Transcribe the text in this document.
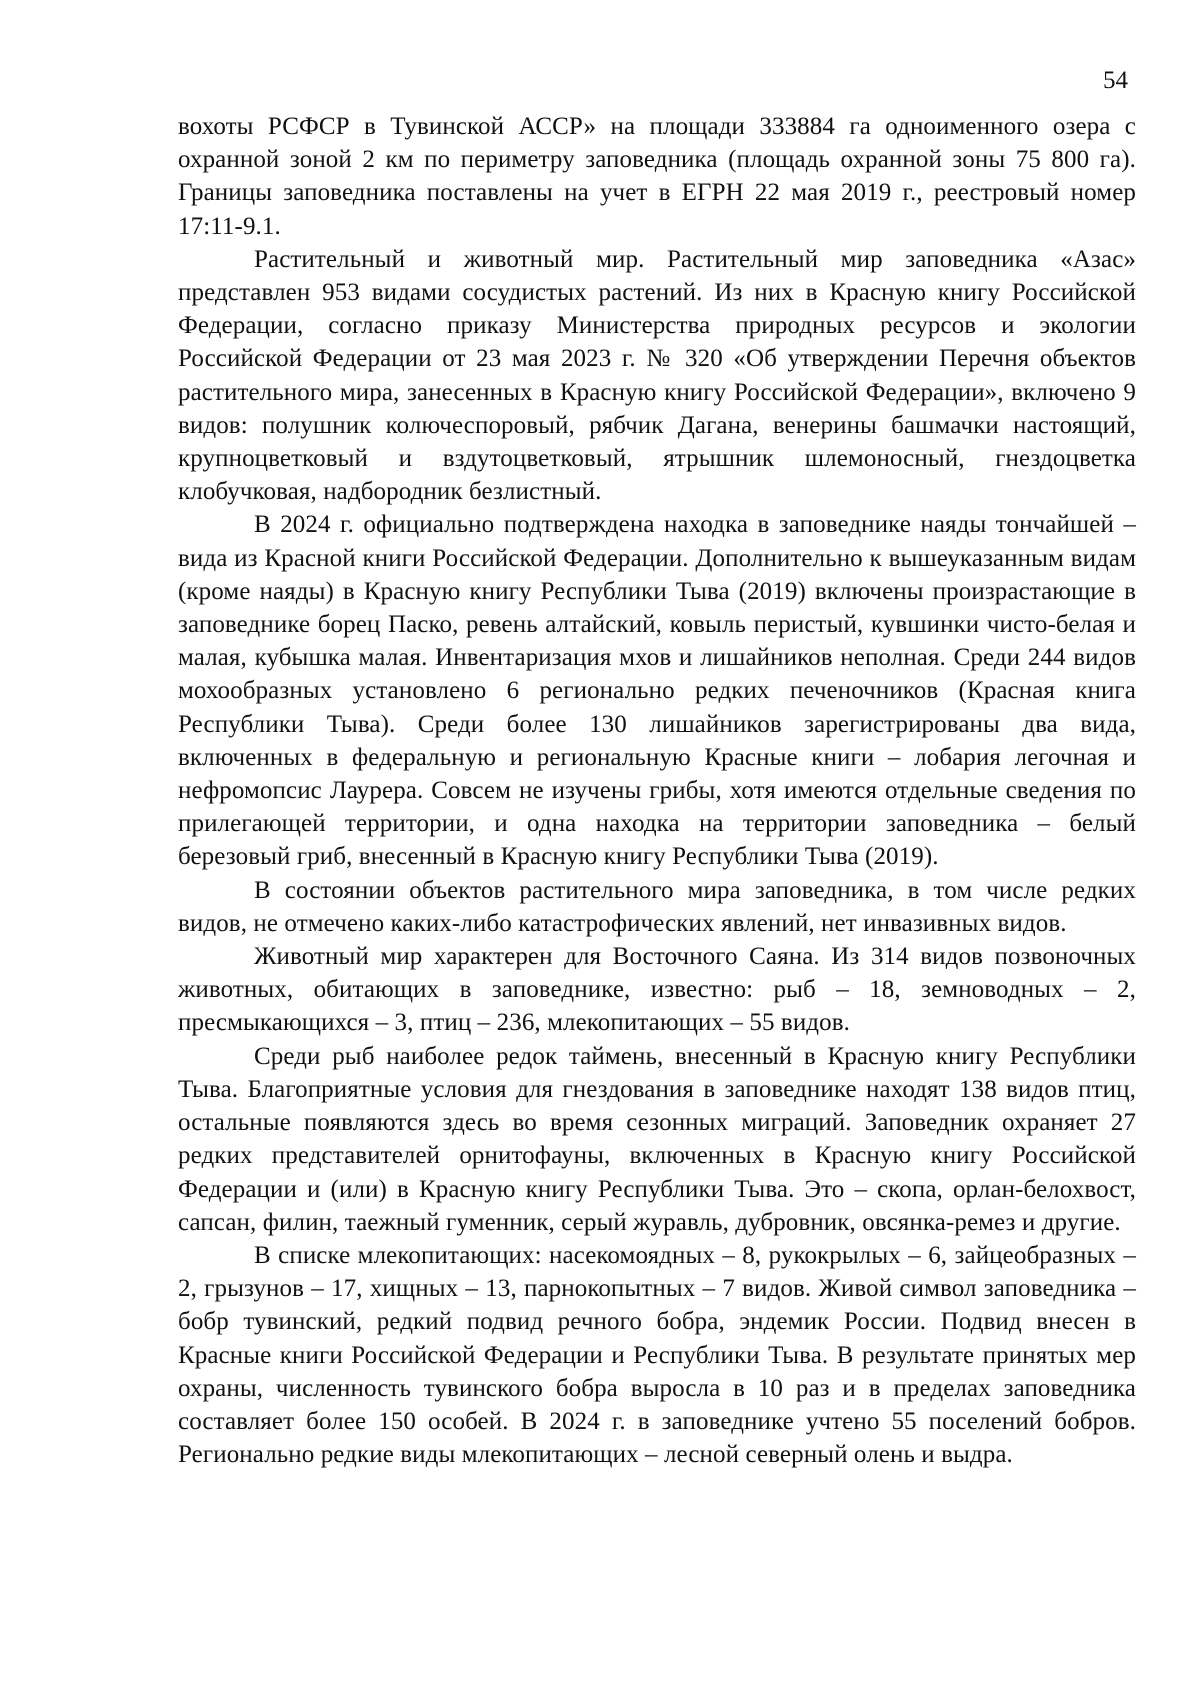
54

вохоты РСФСР в Тувинской АССР» на площади 333884 га одноименного озера с охранной зоной 2 км по периметру заповедника (площадь охранной зоны 75 800 га). Границы заповедника поставлены на учет в ЕГРН 22 мая 2019 г., реестровый номер 17:11-9.1.

Растительный и животный мир. Растительный мир заповедника «Азас» представлен 953 видами сосудистых растений. Из них в Красную книгу Российской Федерации, согласно приказу Министерства природных ресурсов и экологии Российской Федерации от 23 мая 2023 г. № 320 «Об утверждении Перечня объектов растительного мира, занесенных в Красную книгу Российской Федерации», включено 9 видов: полушник колючеспоровый, рябчик Дагана, венерины башмачки настоящий, крупноцветковый и вздутоцветковый, ятрышник шлемоносный, гнездоцветка клобучковая, надбородник безлистный.

В 2024 г. официально подтверждена находка в заповеднике наяды тончайшей – вида из Красной книги Российской Федерации. Дополнительно к вышеуказанным видам (кроме наяды) в Красную книгу Республики Тыва (2019) включены произрастающие в заповеднике борец Паско, ревень алтайский, ковыль перистый, кувшинки чисто-белая и малая, кубышка малая. Инвентаризация мхов и лишайников неполная. Среди 244 видов мохообразных установлено 6 регионально редких печеночников (Красная книга Республики Тыва). Среди более 130 лишайников зарегистрированы два вида, включенных в федеральную и региональную Красные книги – лобария легочная и нефромопсис Лаурера. Совсем не изучены грибы, хотя имеются отдельные сведения по прилегающей территории, и одна находка на территории заповедника – белый березовый гриб, внесенный в Красную книгу Республики Тыва (2019).

В состоянии объектов растительного мира заповедника, в том числе редких видов, не отмечено каких-либо катастрофических явлений, нет инвазивных видов.

Животный мир характерен для Восточного Саяна. Из 314 видов позвоночных животных, обитающих в заповеднике, известно: рыб – 18, земноводных – 2, пресмыкающихся – 3, птиц – 236, млекопитающих – 55 видов.

Среди рыб наиболее редок таймень, внесенный в Красную книгу Республики Тыва. Благоприятные условия для гнездования в заповеднике находят 138 видов птиц, остальные появляются здесь во время сезонных миграций. Заповедник охраняет 27 редких представителей орнитофауны, включенных в Красную книгу Российской Федерации и (или) в Красную книгу Республики Тыва. Это – скопа, орлан-белохвост, сапсан, филин, таежный гуменник, серый журавль, дубровник, овсянка-ремез и другие.

В списке млекопитающих: насекомоядных – 8, рукокрылых – 6, зайцеобразных – 2, грызунов – 17, хищных – 13, парнокопытных – 7 видов. Живой символ заповедника – бобр тувинский, редкий подвид речного бобра, эндемик России. Подвид внесен в Красные книги Российской Федерации и Республики Тыва. В результате принятых мер охраны, численность тувинского бобра выросла в 10 раз и в пределах заповедника составляет более 150 особей. В 2024 г. в заповеднике учтено 55 поселений бобров. Регионально редкие виды млекопитающих – лесной северный олень и выдра.
